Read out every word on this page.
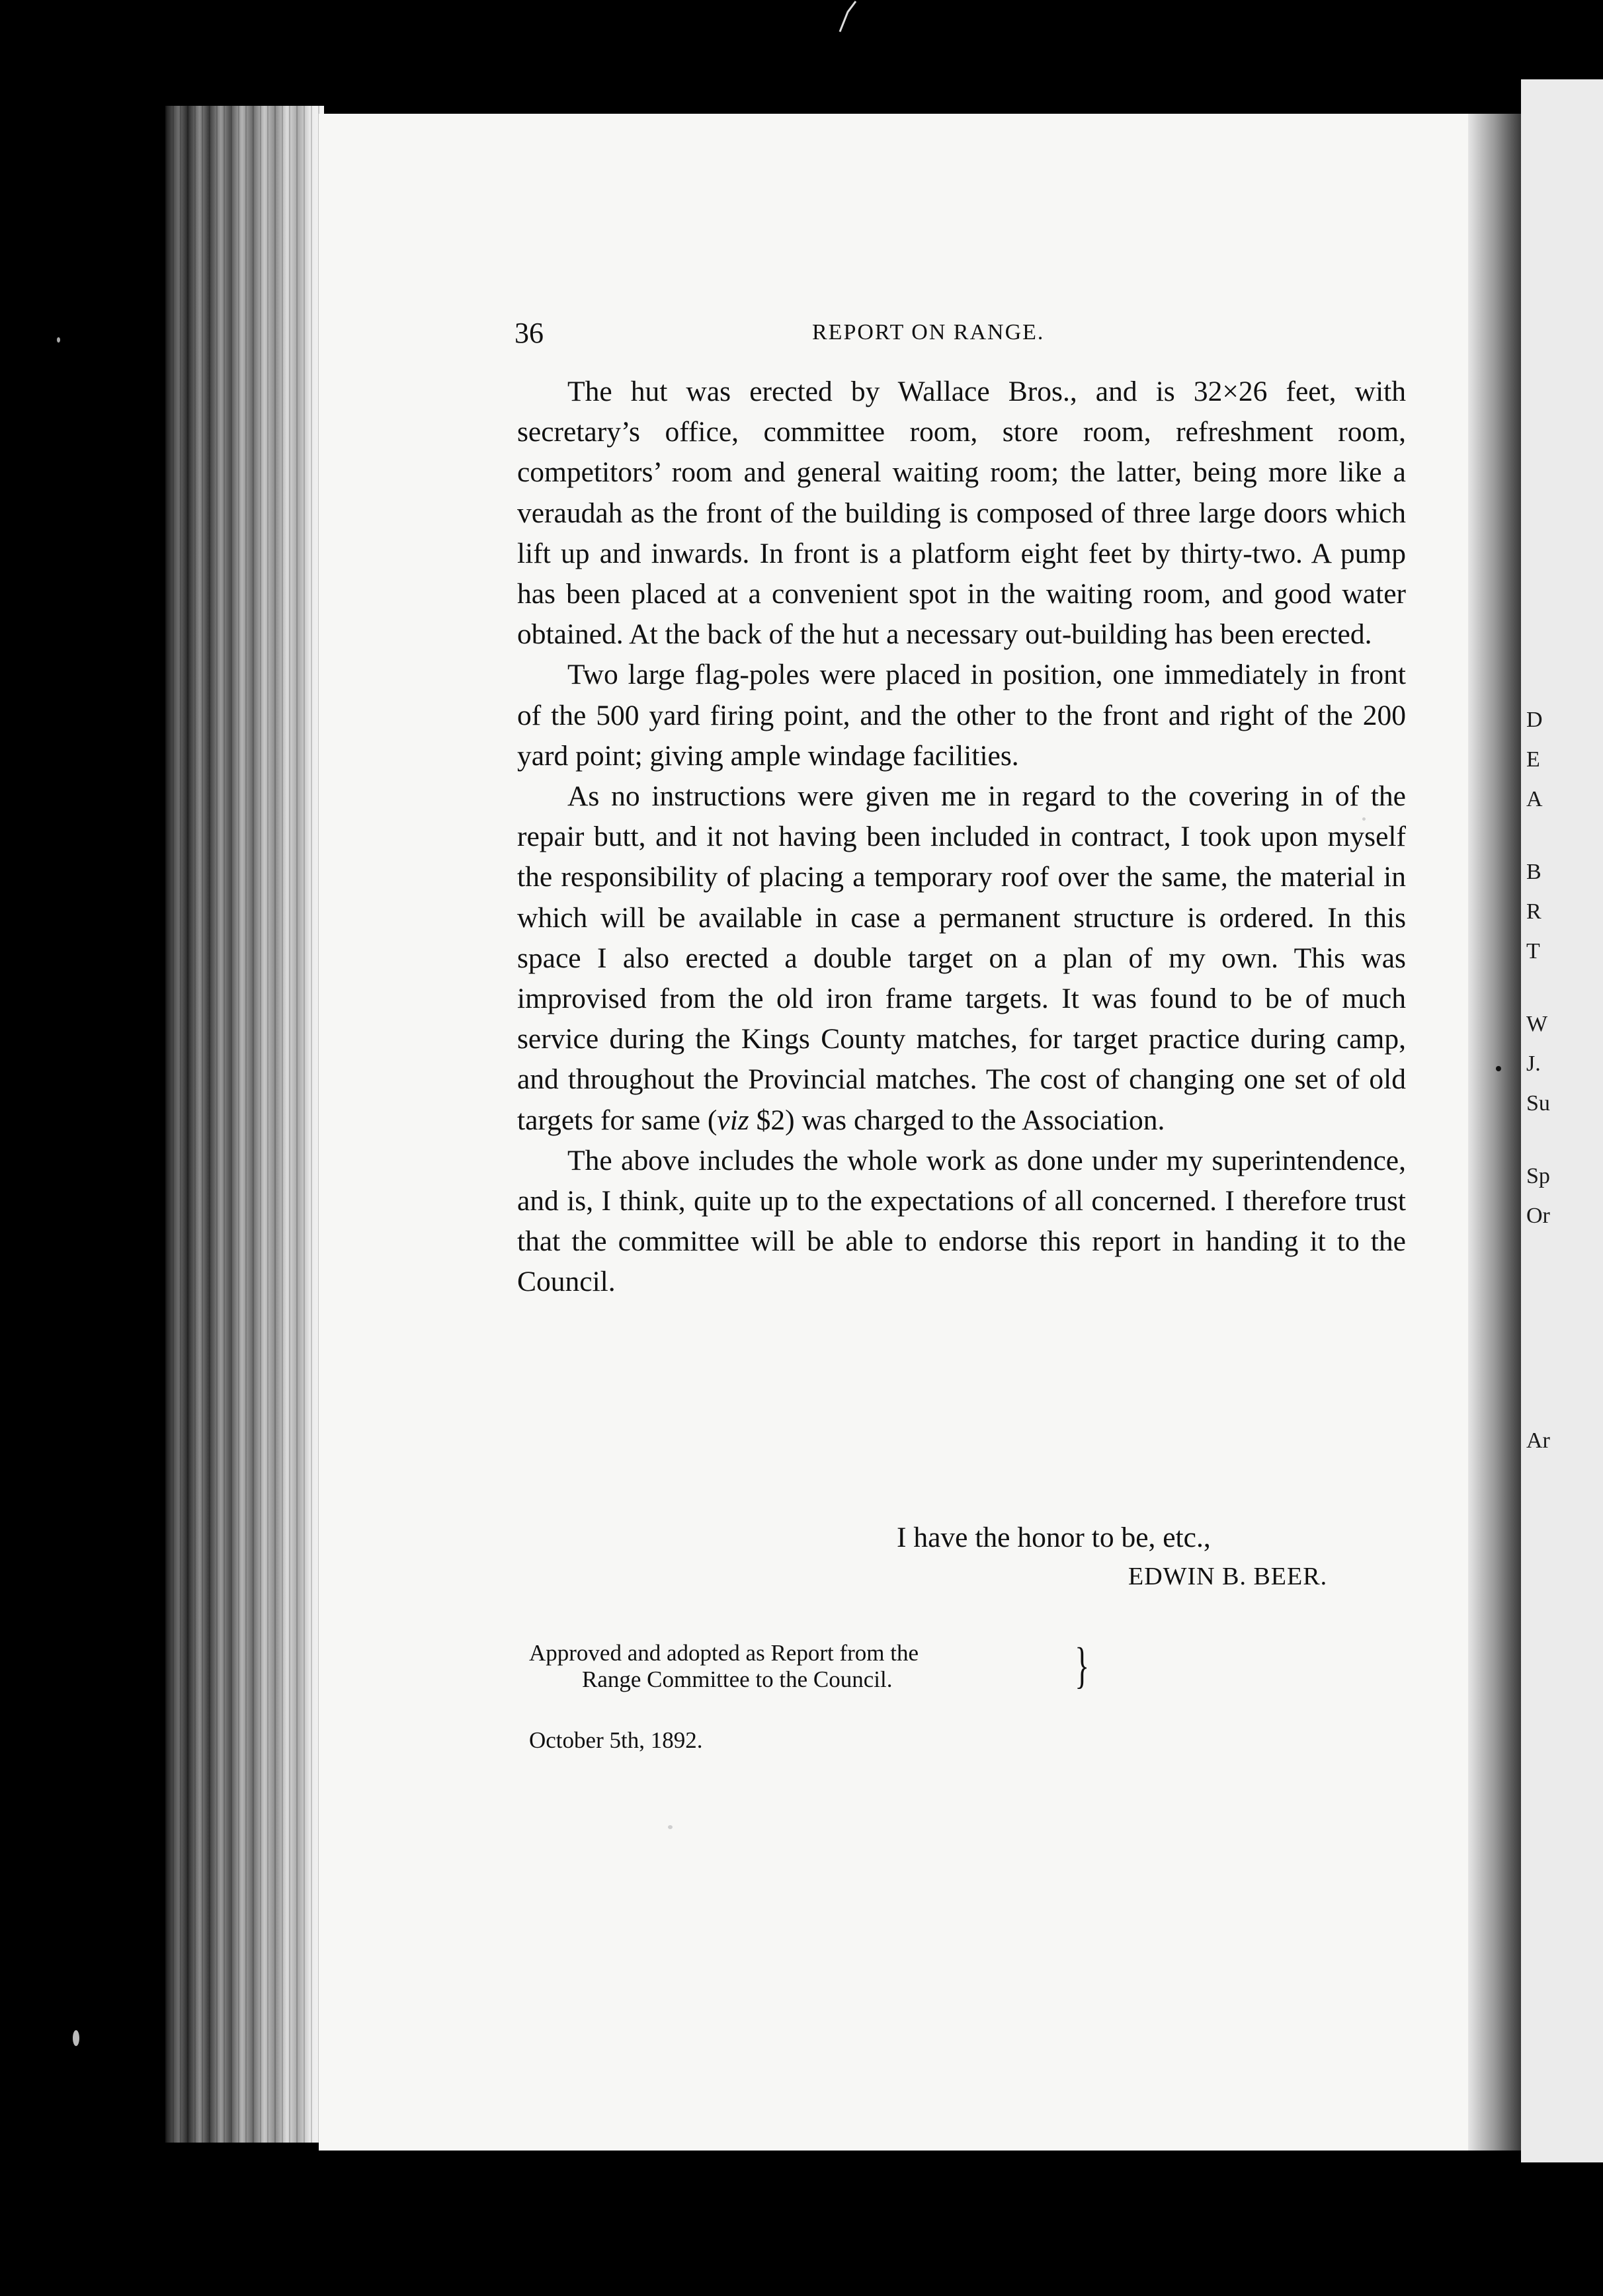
D
E
A
B
R
T
W
J.
Su
Sp
Or
Ar
36	REPORT ON RANGE.

The hut was erected by Wallace Bros., and is 32×26 feet, with secretary’s office, committee room, store room, refreshment room, competitors’ room and general waiting room; the latter, being more like a veraudah as the front of the building is composed of three large doors which lift up and inwards. In front is a platform eight feet by thirty-two. A pump has been placed at a convenient spot in the waiting room, and good water obtained. At the back of the hut a necessary out-building has been erected.

Two large flag-poles were placed in position, one immediately in front of the 500 yard firing point, and the other to the front and right of the 200 yard point; giving ample windage facilities.

As no instructions were given me in regard to the covering in of the repair butt, and it not having been included in contract, I took upon myself the responsibility of placing a temporary roof over the same, the material in which will be available in case a permanent structure is ordered. In this space I also erected a double target on a plan of my own. This was improvised from the old iron frame targets. It was found to be of much service during the Kings County matches, for target practice during camp, and throughout the Provincial matches. The cost of changing one set of old targets for same (viz $2) was charged to the Association.

The above includes the whole work as done under my superintendence, and is, I think, quite up to the expectations of all concerned. I therefore trust that the committee will be able to endorse this report in handing it to the Council.

I have the honor to be, etc.,
EDWIN B. BEER.
Approved and adopted as Report from the
Range Committee to the Council.	}
October 5th, 1892.
